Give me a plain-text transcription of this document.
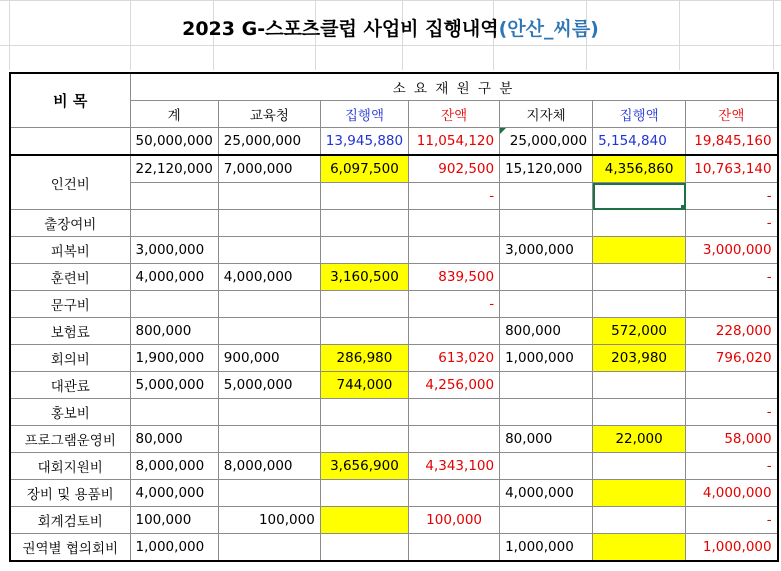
2023 G-스포츠클럽 사업비 집행내역(안산_씨름)
비 목	소 요 재 원 구 분						
	계	교육청	집행액	잔액	지자체	집행액	잔액
	50,000,000	25,000,000	13,945,880	11,054,120	25,000,000	5,154,840	19,845,160
인건비	22,120,000	7,000,000	6,097,500	902,500	15,120,000	4,356,860	10,763,140
				-			-
출장여비							-
피복비	3,000,000				3,000,000		3,000,000
훈련비	4,000,000	4,000,000	3,160,500	839,500			-
문구비				-			
보험료	800,000				800,000	572,000	228,000
회의비	1,900,000	900,000	286,980	613,020	1,000,000	203,980	796,020
대관료	5,000,000	5,000,000	744,000	4,256,000			
홍보비							-
프로그램운영비	80,000				80,000	22,000	58,000
대회지원비	8,000,000	8,000,000	3,656,900	4,343,100			-
장비 및 용품비	4,000,000				4,000,000		4,000,000
회계검토비	100,000	100,000		100,000			-
권역별 협의회비	1,000,000				1,000,000		1,000,000
